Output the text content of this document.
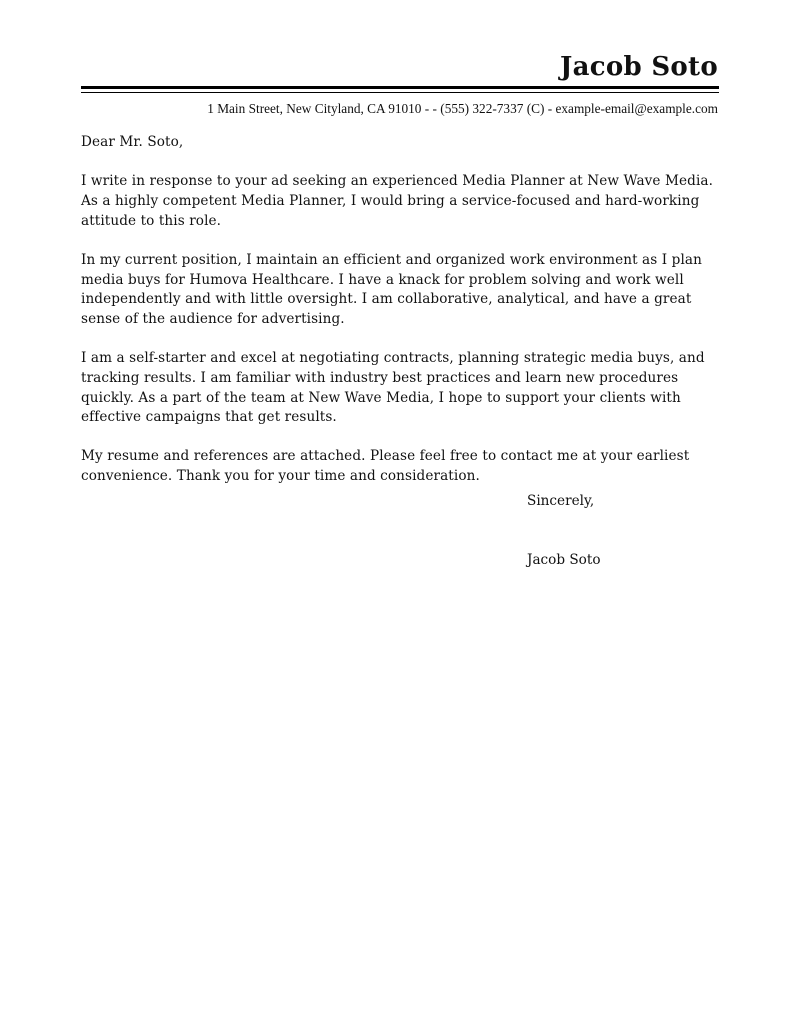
Jacob Soto
1 Main Street, New Cityland, CA 91010 - - (555) 322-7337 (C) - example-email@example.com

Dear Mr. Soto,

I write in response to your ad seeking an experienced Media Planner at New Wave Media. As a highly competent Media Planner, I would bring a service-focused and hard-working attitude to this role.

In my current position, I maintain an efficient and organized work environment as I plan media buys for Humova Healthcare. I have a knack for problem solving and work well independently and with little oversight. I am collaborative, analytical, and have a great sense of the audience for advertising.

I am a self-starter and excel at negotiating contracts, planning strategic media buys, and tracking results. I am familiar with industry best practices and learn new procedures quickly. As a part of the team at New Wave Media, I hope to support your clients with effective campaigns that get results.

My resume and references are attached. Please feel free to contact me at your earliest convenience. Thank you for your time and consideration.

Sincerely,
Jacob Soto
